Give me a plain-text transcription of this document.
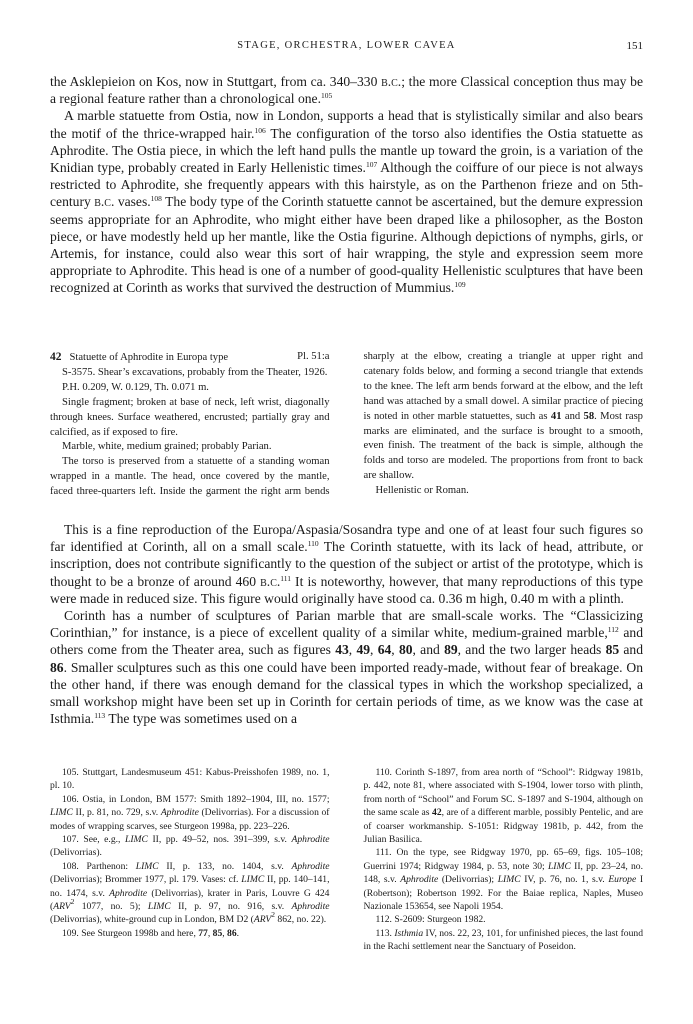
STAGE, ORCHESTRA, LOWER CAVEA	151

the Asklepieion on Kos, now in Stuttgart, from ca. 340–330 b.c.; the more Classical conception thus may be a regional feature rather than a chronological one.$^{105}$

A marble statuette from Ostia, now in London, supports a head that is stylistically similar and also bears the motif of the thrice-wrapped hair.$^{106}$ The configuration of the torso also identifies the Ostia statuette as Aphrodite. The Ostia piece, in which the left hand pulls the mantle up toward the groin, is a variation of the Knidian type, probably created in Early Hellenistic times.$^{107}$ Although the coiffure of our piece is not always restricted to Aphrodite, she frequently appears with this hairstyle, as on the Parthenon frieze and on 5th-century b.c. vases.$^{108}$ The body type of the Corinth statuette cannot be ascertained, but the demure expression seems appropriate for an Aphrodite, who might either have been draped like a philosopher, as the Boston piece, or have modestly held up her mantle, like the Ostia figurine. Although depictions of nymphs, girls, or Artemis, for instance, could also wear this sort of hair wrapping, the style and expression seem more appropriate to Aphrodite. This head is one of a number of good-quality Hellenistic sculptures that have been recognized at Corinth as works that survived the destruction of Mummius.$^{109}$

42 Statuette of Aphrodite in Europa type	Pl. 51:a

S-3575. Shear’s excavations, probably from the Theater, 1926.

P.H. 0.209, W. 0.129, Th. 0.071 m.

Single fragment; broken at base of neck, left wrist, diagonally through knees. Surface weathered, encrusted; partially gray and calcified, as if exposed to fire.

Marble, white, medium grained; probably Parian.

The torso is preserved from a statuette of a standing woman wrapped in a mantle. The head, once covered by the mantle, faced three-quarters left. Inside the garment the right arm bends sharply at the elbow, creating a triangle at upper right and catenary folds below, and forming a second triangle that extends to the knee. The left arm bends forward at the elbow, and the left hand was attached by a small dowel. A similar practice of piecing is noted in other marble statuettes, such as 41 and 58. Most rasp marks are eliminated, and the surface is brought to a smooth, even finish. The treatment of the back is simple, although the folds and torso are modeled. The proportions from front to back are shallow.

Hellenistic or Roman.

This is a fine reproduction of the Europa/Aspasia/Sosandra type and one of at least four such figures so far identified at Corinth, all on a small scale.$^{110}$ The Corinth statuette, with its lack of head, attribute, or inscription, does not contribute significantly to the question of the subject or artist of the prototype, which is thought to be a bronze of around 460 b.c.$^{111}$ It is noteworthy, however, that many reproductions of this type were made in reduced size. This figure would originally have stood ca. 0.36 m high, 0.40 m with a plinth.

Corinth has a number of sculptures of Parian marble that are small-scale works. The “Classicizing Corinthian,” for instance, is a piece of excellent quality of a similar white, medium-grained marble,$^{112}$ and others come from the Theater area, such as figures 43, 49, 64, 80, and 89, and the two larger heads 85 and 86. Smaller sculptures such as this one could have been imported ready-made, without fear of breakage. On the other hand, if there was enough demand for the classical types in which the workshop specialized, a small workshop might have been set up in Corinth for certain periods of time, as we know was the case at Isthmia.$^{113}$ The type was sometimes used on a

105. Stuttgart, Landesmuseum 451: Kabus-Preisshofen 1989, no. 1, pl. 10.

106. Ostia, in London, BM 1577: Smith 1892–1904, III, no. 1577; LIMC II, p. 81, no. 729, s.v. Aphrodite (Delivorrias). For a discussion of modes of wrapping scarves, see Sturgeon 1998a, pp. 223–226.

107. See, e.g., LIMC II, pp. 49–52, nos. 391–399, s.v. Aphrodite (Delivorrias).

108. Parthenon: LIMC II, p. 133, no. 1404, s.v. Aphrodite (Delivorrias); Brommer 1977, pl. 179. Vases: cf. LIMC II, pp. 140–141, no. 1474, s.v. Aphrodite (Delivorrias), krater in Paris, Louvre G 424 (ARV$^2$ 1077, no. 5); LIMC II, p. 97, no. 916, s.v. Aphrodite (Delivorrias), white-ground cup in London, BM D2 (ARV$^2$ 862, no. 22).

109. See Sturgeon 1998b and here, 77, 85, 86.

110. Corinth S-1897, from area north of “School”: Ridgway 1981b, p. 442, note 81, where associated with S-1904, lower torso with plinth, from north of “School” and Forum SC. S-1897 and S-1904, although on the same scale as 42, are of a different marble, possibly Pentelic, and are of coarser workmanship. S-1051: Ridgway 1981b, p. 442, from the Julian Basilica.

111. On the type, see Ridgway 1970, pp. 65–69, figs. 105–108; Guerrini 1974; Ridgway 1984, p. 53, note 30; LIMC II, pp. 23–24, no. 148, s.v. Aphrodite (Delivorrias); LIMC IV, p. 76, no. 1, s.v. Europe I (Robertson); Robertson 1992. For the Baiae replica, Naples, Museo Nazionale 153654, see Napoli 1954.

112. S-2609: Sturgeon 1982.

113. Isthmia IV, nos. 22, 23, 101, for unfinished pieces, the last found in the Rachi settlement near the Sanctuary of Poseidon.
